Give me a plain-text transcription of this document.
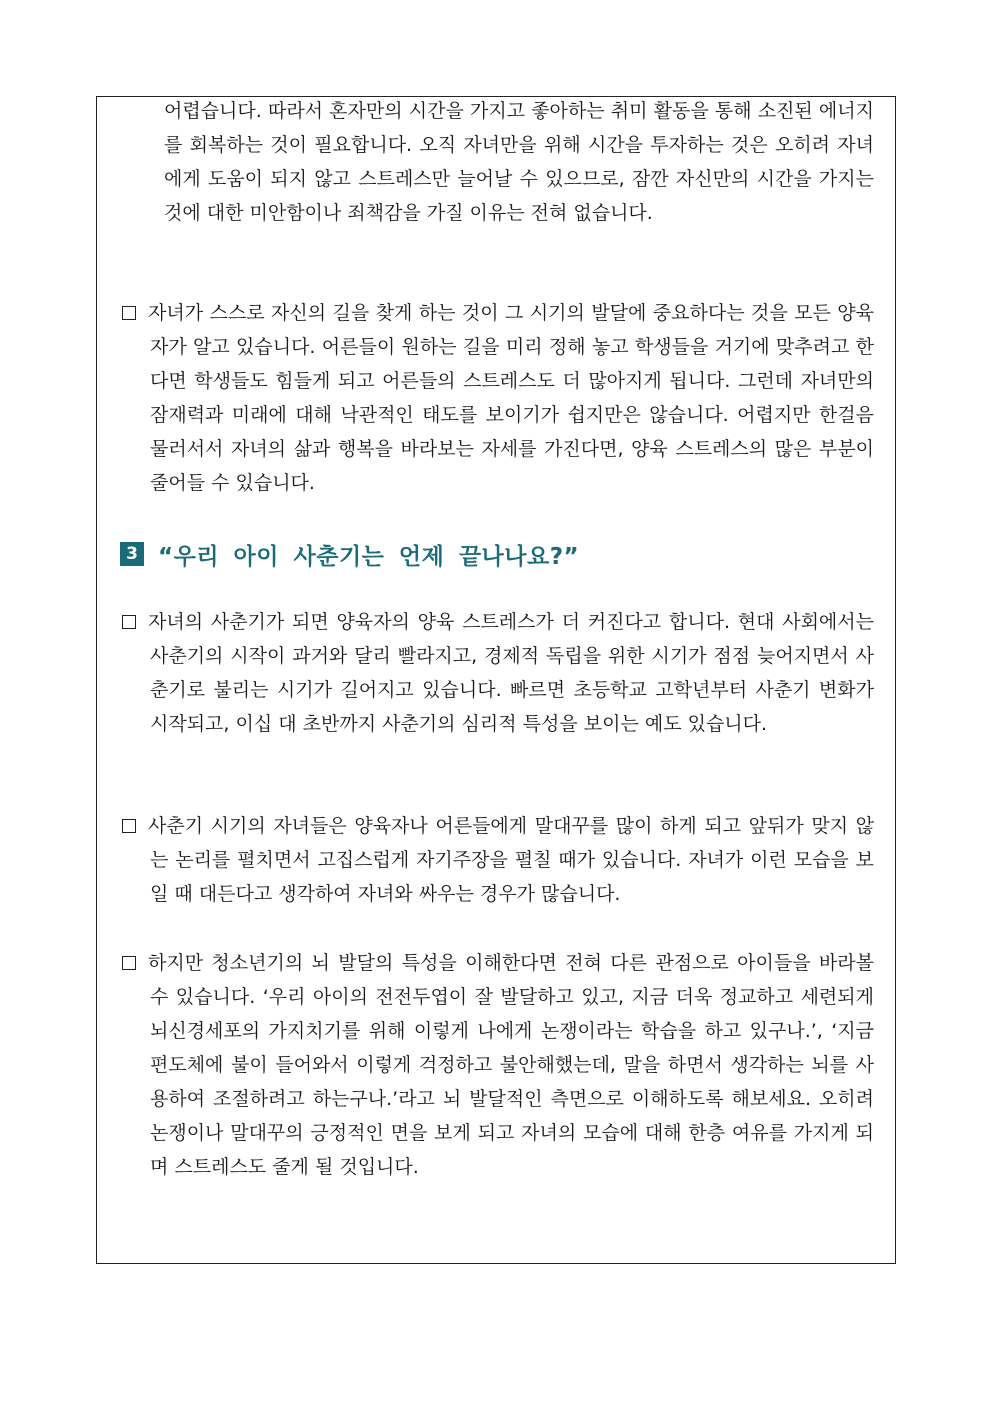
어렵습니다. 따라서 혼자만의 시간을 가지고 좋아하는 취미 활동을 통해 소진된 에너지를 회복하는 것이 필요합니다. 오직 자녀만을 위해 시간을 투자하는 것은 오히려 자녀에게 도움이 되지 않고 스트레스만 늘어날 수 있으므로, 잠깐 자신만의 시간을 가지는 것에 대한 미안함이나 죄책감을 가질 이유는 전혀 없습니다.

자녀가 스스로 자신의 길을 찾게 하는 것이 그 시기의 발달에 중요하다는 것을 모든 양육자가 알고 있습니다. 어른들이 원하는 길을 미리 정해 놓고 학생들을 거기에 맞추려고 한다면 학생들도 힘들게 되고 어른들의 스트레스도 더 많아지게 됩니다. 그런데 자녀만의 잠재력과 미래에 대해 낙관적인 태도를 보이기가 쉽지만은 않습니다. 어렵지만 한걸음 물러서서 자녀의 삶과 행복을 바라보는 자세를 가진다면, 양육 스트레스의 많은 부분이 줄어들 수 있습니다.

3 “우리 아이 사춘기는 언제 끝나나요?”

자녀의 사춘기가 되면 양육자의 양육 스트레스가 더 커진다고 합니다. 현대 사회에서는 사춘기의 시작이 과거와 달리 빨라지고, 경제적 독립을 위한 시기가 점점 늦어지면서 사춘기로 불리는 시기가 길어지고 있습니다. 빠르면 초등학교 고학년부터 사춘기 변화가 시작되고, 이십 대 초반까지 사춘기의 심리적 특성을 보이는 예도 있습니다.

사춘기 시기의 자녀들은 양육자나 어른들에게 말대꾸를 많이 하게 되고 앞뒤가 맞지 않는 논리를 펼치면서 고집스럽게 자기주장을 펼칠 때가 있습니다. 자녀가 이런 모습을 보일 때 대든다고 생각하여 자녀와 싸우는 경우가 많습니다.

하지만 청소년기의 뇌 발달의 특성을 이해한다면 전혀 다른 관점으로 아이들을 바라볼 수 있습니다. ‘우리 아이의 전전두엽이 잘 발달하고 있고, 지금 더욱 정교하고 세련되게 뇌신경세포의 가지치기를 위해 이렇게 나에게 논쟁이라는 학습을 하고 있구나.’, ‘지금 편도체에 불이 들어와서 이렇게 걱정하고 불안해했는데, 말을 하면서 생각하는 뇌를 사용하여 조절하려고 하는구나.’라고 뇌 발달적인 측면으로 이해하도록 해보세요. 오히려 논쟁이나 말대꾸의 긍정적인 면을 보게 되고 자녀의 모습에 대해 한층 여유를 가지게 되며 스트레스도 줄게 될 것입니다.
